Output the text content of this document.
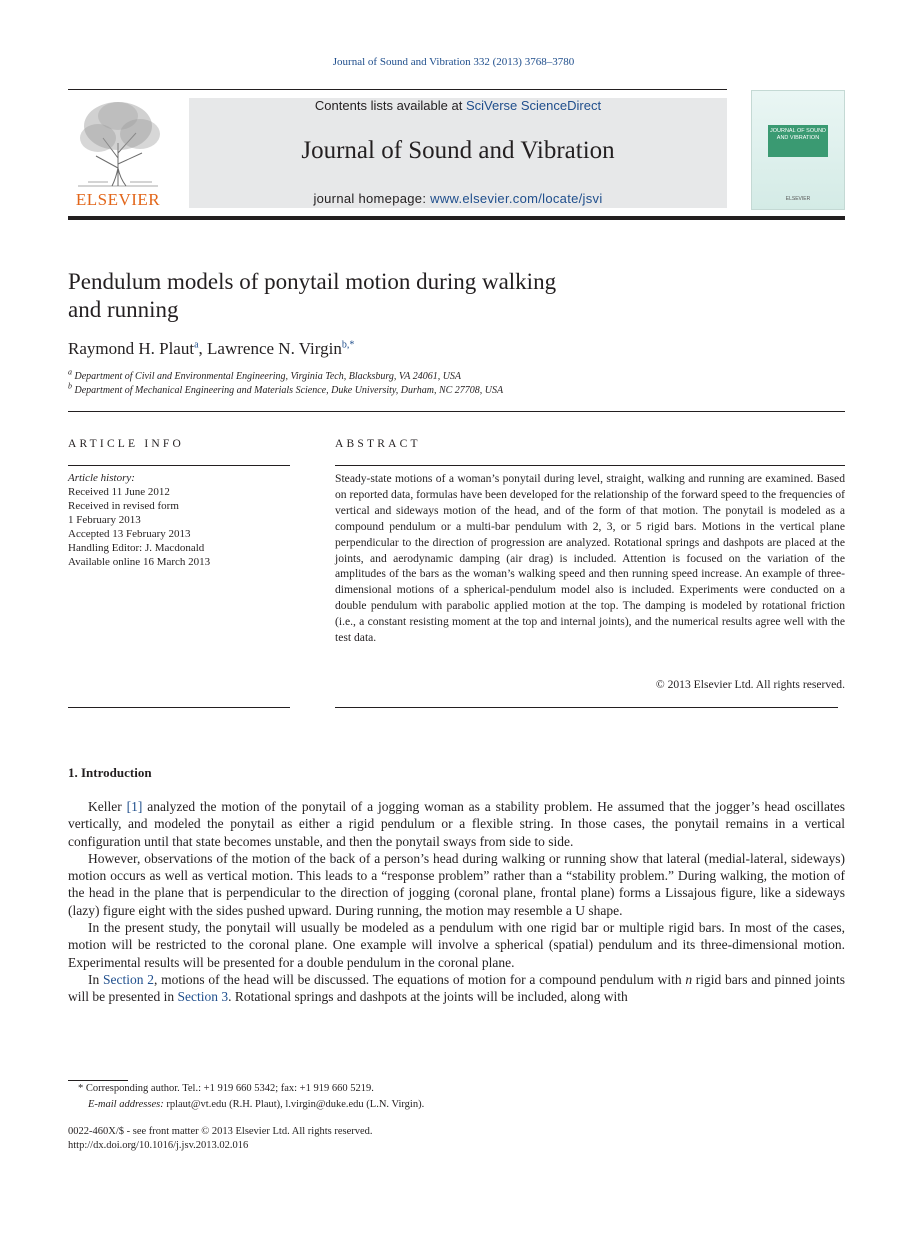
Journal of Sound and Vibration 332 (2013) 3768–3780
ELSEVIER
Contents lists available at SciVerse ScienceDirect
Journal of Sound and Vibration
journal homepage: www.elsevier.com/locate/jsvi
JOURNAL OF SOUND AND VIBRATION
ELSEVIER
Pendulum models of ponytail motion during walking
and running
Raymond H. Plaut$^a$, Lawrence N. Virgin$^{b,*}$
$^a$ Department of Civil and Environmental Engineering, Virginia Tech, Blacksburg, VA 24061, USA
$^b$ Department of Mechanical Engineering and Materials Science, Duke University, Durham, NC 27708, USA
ARTICLE INFO	ABSTRACT
Article history:
Received 11 June 2012
Received in revised form
1 February 2013
Accepted 13 February 2013
Handling Editor: J. Macdonald
Available online 16 March 2013
Steady-state motions of a woman’s ponytail during level, straight, walking and running are examined. Based on reported data, formulas have been developed for the relationship of the forward speed to the frequencies of vertical and sideways motion of the head, and of the form of that motion. The ponytail is modeled as a compound pendulum or a multi-bar pendulum with 2, 3, or 5 rigid bars. Motions in the vertical plane perpendicular to the direction of progression are analyzed. Rotational springs and dashpots are placed at the joints, and aerodynamic damping (air drag) is included. Attention is focused on the variation of the amplitudes of the bars as the woman’s walking speed and then running speed increase. An example of three-dimensional motions of a spherical-pendulum model also is included. Experiments were conducted on a double pendulum with parabolic applied motion at the top. The damping is modeled by rotational friction (i.e., a constant resisting moment at the top and internal joints), and the numerical results agree well with the test data.
© 2013 Elsevier Ltd. All rights reserved.
1. Introduction

Keller [1] analyzed the motion of the ponytail of a jogging woman as a stability problem. He assumed that the jogger’s head oscillates vertically, and modeled the ponytail as either a rigid pendulum or a flexible string. In those cases, the ponytail remains in a vertical configuration until that state becomes unstable, and then the ponytail sways from side to side.

However, observations of the motion of the back of a person’s head during walking or running show that lateral (medial-lateral, sideways) motion occurs as well as vertical motion. This leads to a “response problem” rather than a “stability problem.” During walking, the motion of the head in the plane that is perpendicular to the direction of jogging (coronal plane, frontal plane) forms a Lissajous figure, like a sideways (lazy) figure eight with the sides pushed upward. During running, the motion may resemble a U shape.

In the present study, the ponytail will usually be modeled as a pendulum with one rigid bar or multiple rigid bars. In most of the cases, motion will be restricted to the coronal plane. One example will involve a spherical (spatial) pendulum and its three-dimensional motion. Experimental results will be presented for a double pendulum in the coronal plane.

In Section 2, motions of the head will be discussed. The equations of motion for a compound pendulum with n rigid bars and pinned joints will be presented in Section 3. Rotational springs and dashpots at the joints will be included, along with

* Corresponding author. Tel.: +1 919 660 5342; fax: +1 919 660 5219.
E-mail addresses: rplaut@vt.edu (R.H. Plaut), l.virgin@duke.edu (L.N. Virgin).
0022-460X/$ - see front matter © 2013 Elsevier Ltd. All rights reserved.
http://dx.doi.org/10.1016/j.jsv.2013.02.016
